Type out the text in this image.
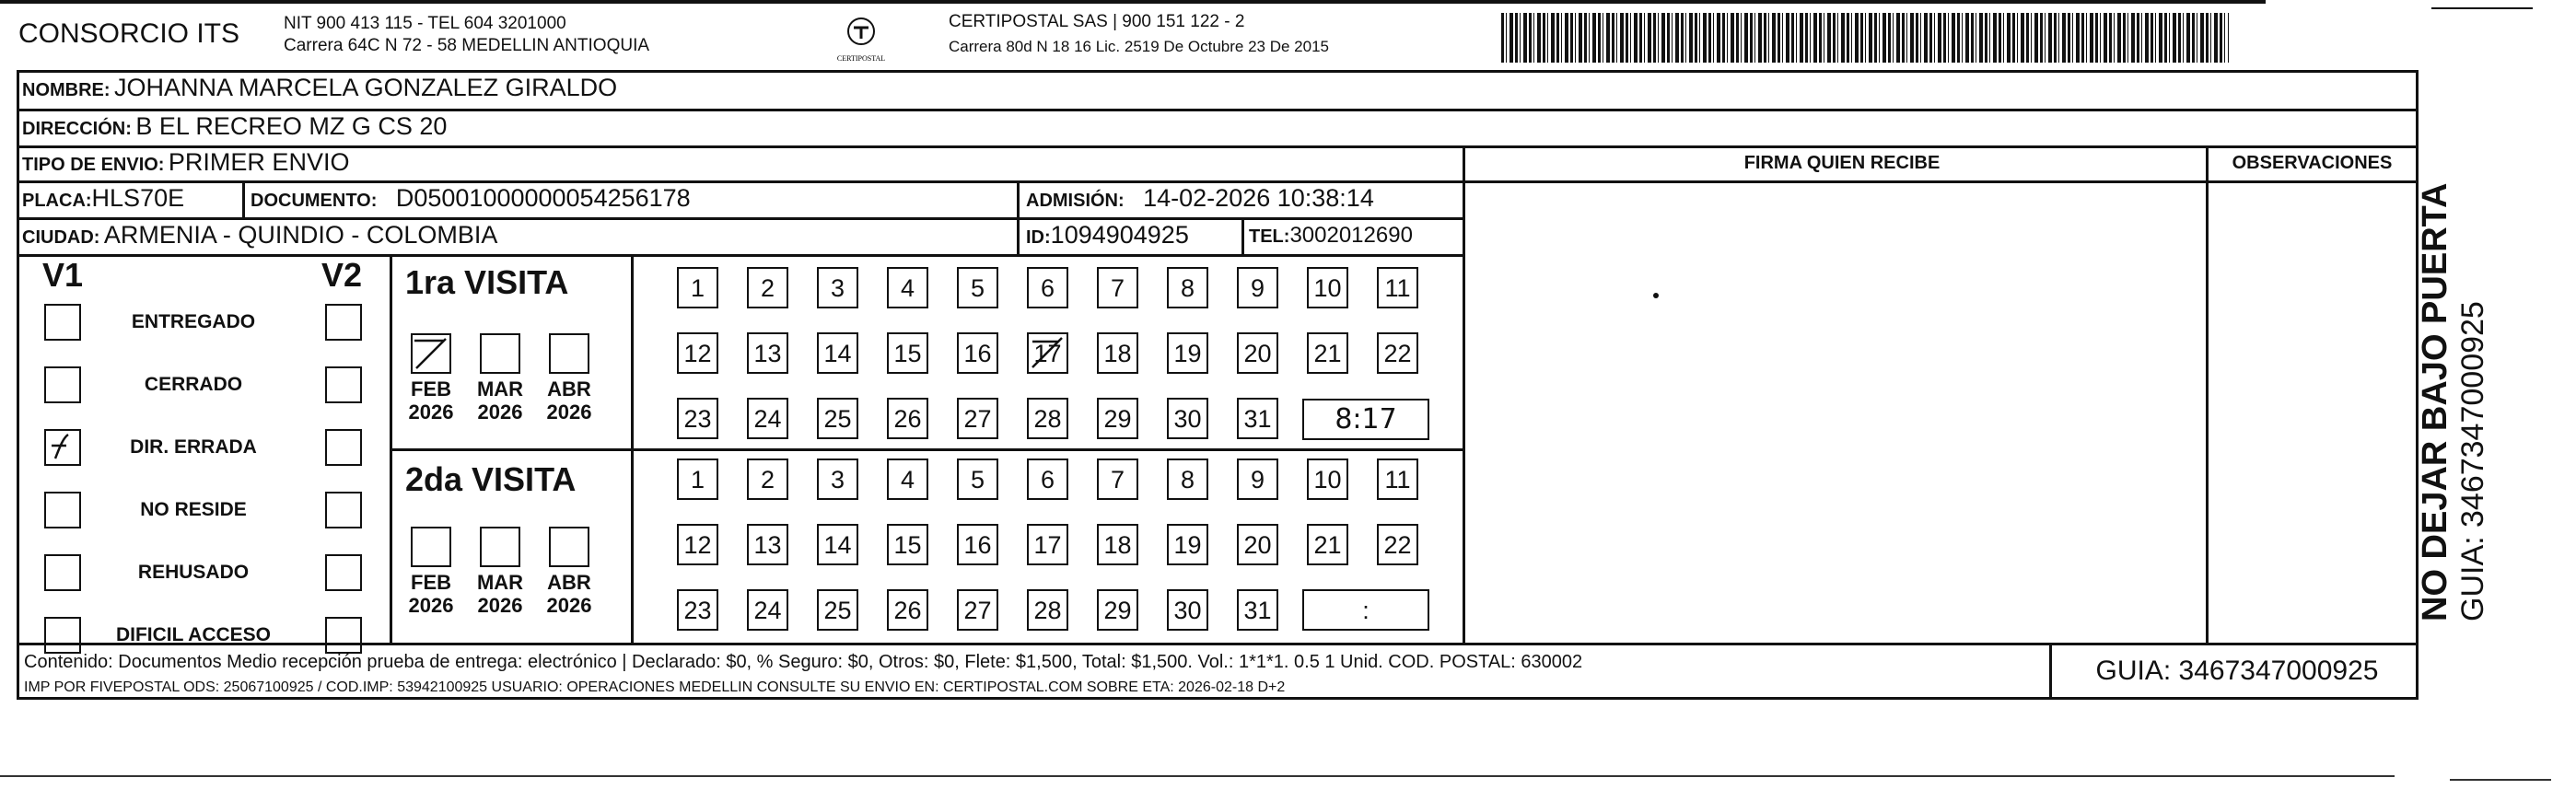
CONSORCIO ITS	NIT 900 413 115 - TEL 604 3201000
Carrera 64C N 72 - 58 MEDELLIN ANTIOQUIA
CERTIPOSTAL
CERTIPOSTAL SAS | 900 151 122 - 2
Carrera 80d N 18 16 Lic. 2519 De Octubre 23 De 2015
NOMBRE: JOHANNA MARCELA GONZALEZ GIRALDO
DIRECCIÓN: B EL RECREO MZ G CS 20
TIPO DE ENVIO: PRIMER ENVIO	FIRMA QUIEN RECIBE	OBSERVACIONES
PLACA:HLS70E	DOCUMENTO: D05001000000054256178	ADMISIÓN: 14-02-2026 10:38:14
CIUDAD: ARMENIA - QUINDIO - COLOMBIA	ID:1094904925	TEL:3002012690
V1	V2
ENTREGADO
CERRADO
DIR. ERRADA
NO RESIDE
REHUSADO
DIFICIL ACCESO
1ra VISITA
2da VISITA
FEB
2026
MAR
2026
ABR
2026
FEB
2026
MAR
2026
ABR
2026
1	2	3	4	5	6	7	8	9	10	11
12 13 14 15 16 17 18 19 20 21 22
23 24 25 26 27 28 29 30 31
1	2	3	4	5	6	7	8	9	10	11
12 13 14 15 16 17 18 19 20 21 22
23 24 25 26 27 28 29 30 31
8:17
:
Contenido: Documentos Medio recepción prueba de entrega: electrónico | Declarado: $0, % Seguro: $0, Otros: $0, Flete: $1,500, Total: $1,500. Vol.: 1*1*1. 0.5 1 Unid. COD. POSTAL: 630002
IMP POR FIVEPOSTAL ODS: 25067100925 / COD.IMP: 53942100925 USUARIO: OPERACIONES MEDELLIN CONSULTE SU ENVIO EN: CERTIPOSTAL.COM SOBRE ETA: 2026-02-18 D+2
GUIA: 3467347000925
NO DEJAR BAJO PUERTA GUIA: 3467347000925
